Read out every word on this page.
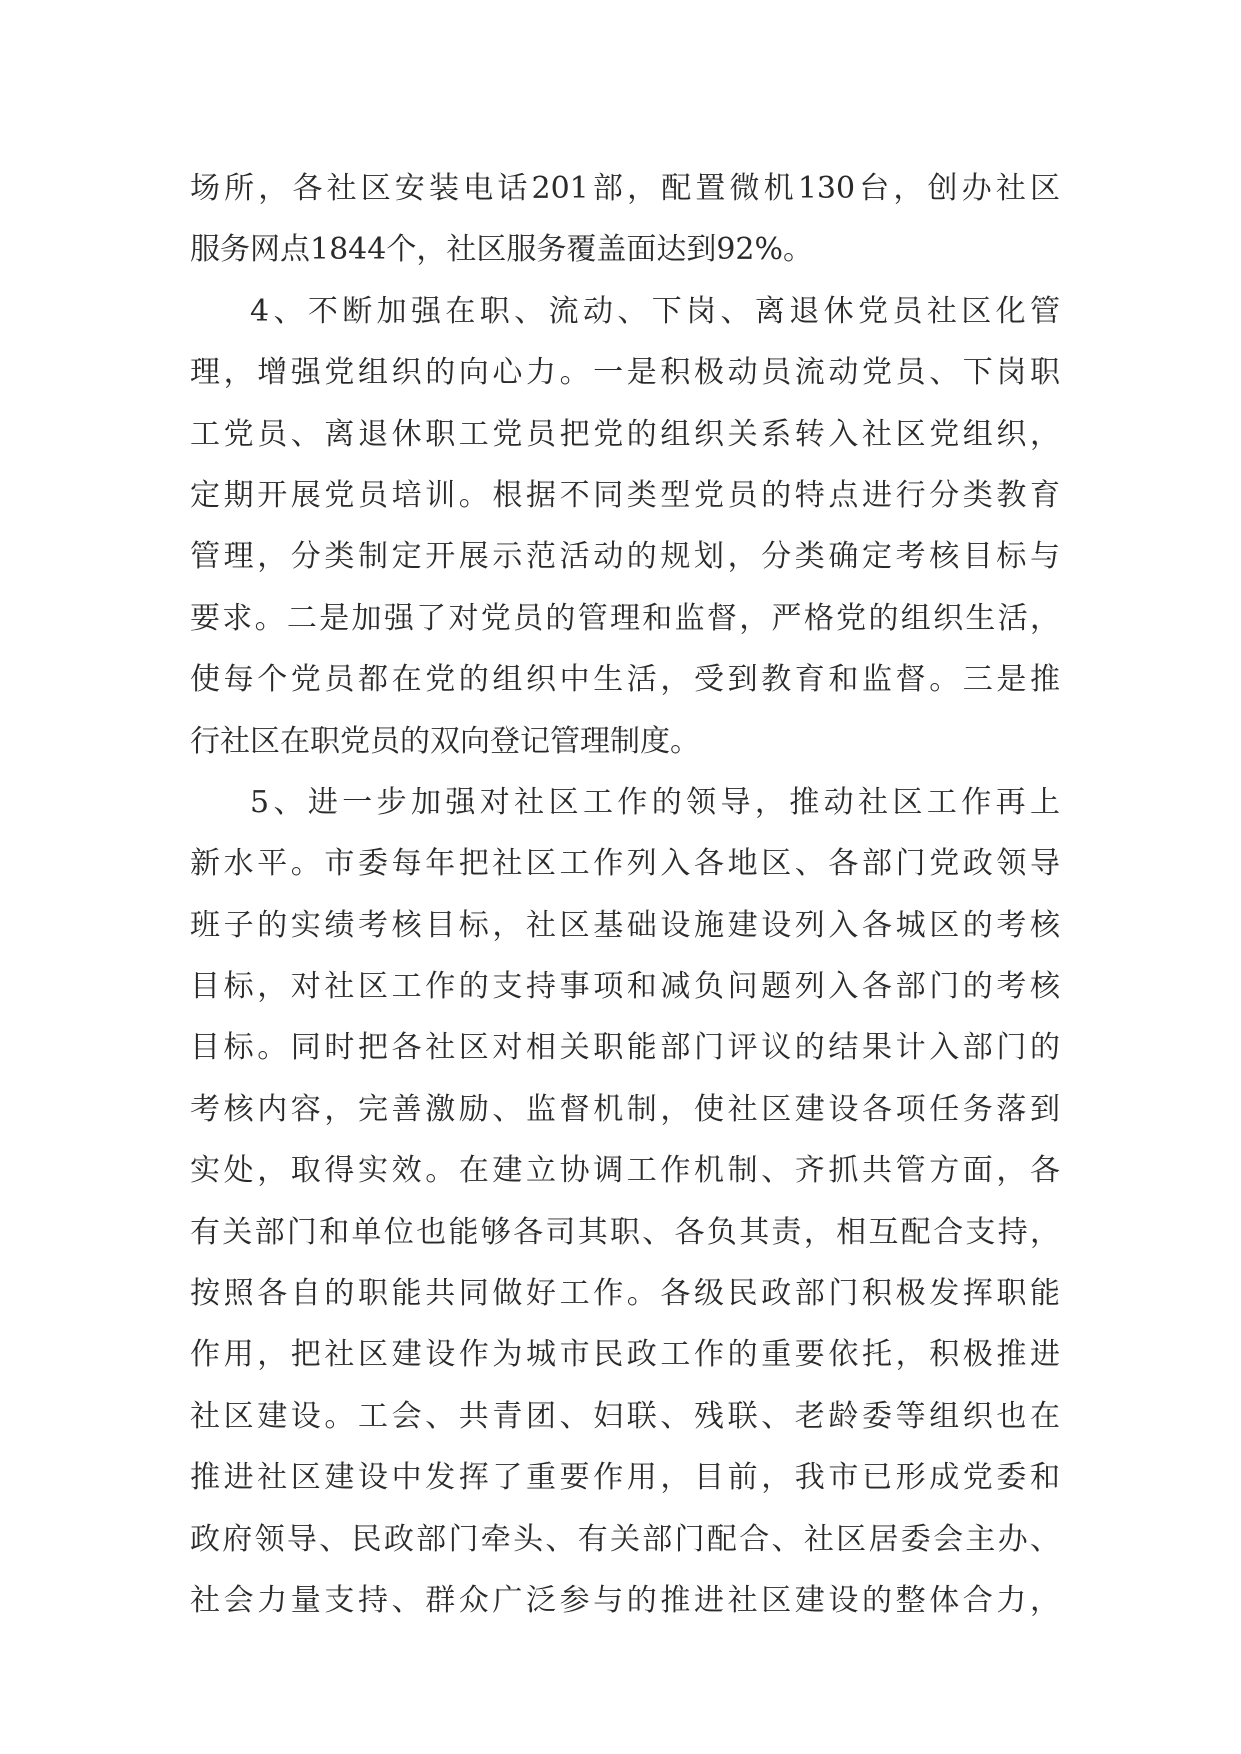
场所，各社区安装电话201部，配置微机130台，创办社区
服务网点1844个，社区服务覆盖面达到92%。
4、不断加强在职、流动、下岗、离退休党员社区化管
理，增强党组织的向心力。一是积极动员流动党员、下岗职
工党员、离退休职工党员把党的组织关系转入社区党组织，
定期开展党员培训。根据不同类型党员的特点进行分类教育
管理，分类制定开展示范活动的规划，分类确定考核目标与
要求。二是加强了对党员的管理和监督，严格党的组织生活，
使每个党员都在党的组织中生活，受到教育和监督。三是推
行社区在职党员的双向登记管理制度。
5、进一步加强对社区工作的领导，推动社区工作再上
新水平。市委每年把社区工作列入各地区、各部门党政领导
班子的实绩考核目标，社区基础设施建设列入各城区的考核
目标，对社区工作的支持事项和减负问题列入各部门的考核
目标。同时把各社区对相关职能部门评议的结果计入部门的
考核内容，完善激励、监督机制，使社区建设各项任务落到
实处，取得实效。在建立协调工作机制、齐抓共管方面，各
有关部门和单位也能够各司其职、各负其责，相互配合支持，
按照各自的职能共同做好工作。各级民政部门积极发挥职能
作用，把社区建设作为城市民政工作的重要依托，积极推进
社区建设。工会、共青团、妇联、残联、老龄委等组织也在
推进社区建设中发挥了重要作用，目前，我市已形成党委和
政府领导、民政部门牵头、有关部门配合、社区居委会主办、
社会力量支持、群众广泛参与的推进社区建设的整体合力，
